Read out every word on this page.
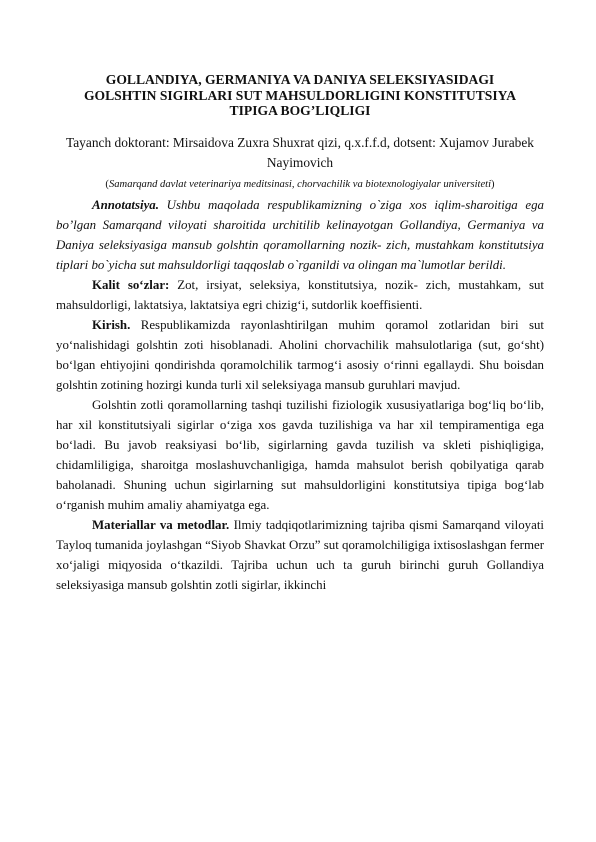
GOLLANDIYA, GERMANIYA VA DANIYA SELEKSIYASIDAGI

GOLSHTIN SIGIRLARI SUT MAHSULDORLIGINI KONSTITUTSIYA

TIPIGA BOG’LIQLIGI

Tayanch doktorant: Mirsaidova Zuxra Shuxrat qizi, q.x.f.f.d, dotsent: Xujamov Jurabek Nayimovich
(Samarqand davlat veterinariya meditsinasi, chorvachilik va biotexnologiyalar universiteti)

Annotatsiya. Ushbu maqolada respublikamizning o`ziga xos iqlim-sharoitiga ega bo’lgan Samarqand viloyati sharoitida urchitilib kelinayotgan Gollandiya, Germaniya va Daniya seleksiyasiga mansub golshtin qoramollarning nozik- zich, mustahkam konstitutsiya tiplari bo`yicha sut mahsuldorligi taqqoslab o`rganildi va olingan ma`lumotlar berildi.

Kalit so‘zlar: Zot, irsiyat, seleksiya, konstitutsiya, nozik- zich, mustahkam, sut mahsuldorligi, laktatsiya, laktatsiya egri chizig‘i, sutdorlik koeffisienti.

Kirish. Respublikamizda rayonlashtirilgan muhim qoramol zotlaridan biri sut yo‘nalishidagi golshtin zoti hisoblanadi. Aholini chorvachilik mahsulotlariga (sut, go‘sht) bo‘lgan ehtiyojini qondirishda qoramolchilik tarmog‘i asosiy o‘rinni egallaydi. Shu boisdan golshtin zotining hozirgi kunda turli xil seleksiyaga mansub guruhlari mavjud.

Golshtin zotli qoramollarning tashqi tuzilishi fiziologik xususiyatlariga bog‘liq bo‘lib, har xil konstitutsiyali sigirlar o‘ziga xos gavda tuzilishiga va har xil tempiramentiga ega bo‘ladi. Bu javob reaksiyasi bo‘lib, sigirlarning gavda tuzilish va skleti pishiqligiga, chidamliligiga, sharoitga moslashuvchanligiga, hamda mahsulot berish qobilyatiga qarab baholanadi. Shuning uchun sigirlarning sut mahsuldorligini konstitutsiya tipiga bog‘lab o‘rganish muhim amaliy ahamiyatga ega.

Materiallar va metodlar. Ilmiy tadqiqotlarimizning tajriba qismi Samarqand viloyati Tayloq tumanida joylashgan “Siyob Shavkat Orzu” sut qoramolchiligiga ixtisoslashgan fermer xo‘jaligi miqyosida o‘tkazildi. Tajriba uchun uch ta guruh birinchi guruh Gollandiya seleksiyasiga mansub golshtin zotli sigirlar, ikkinchi
